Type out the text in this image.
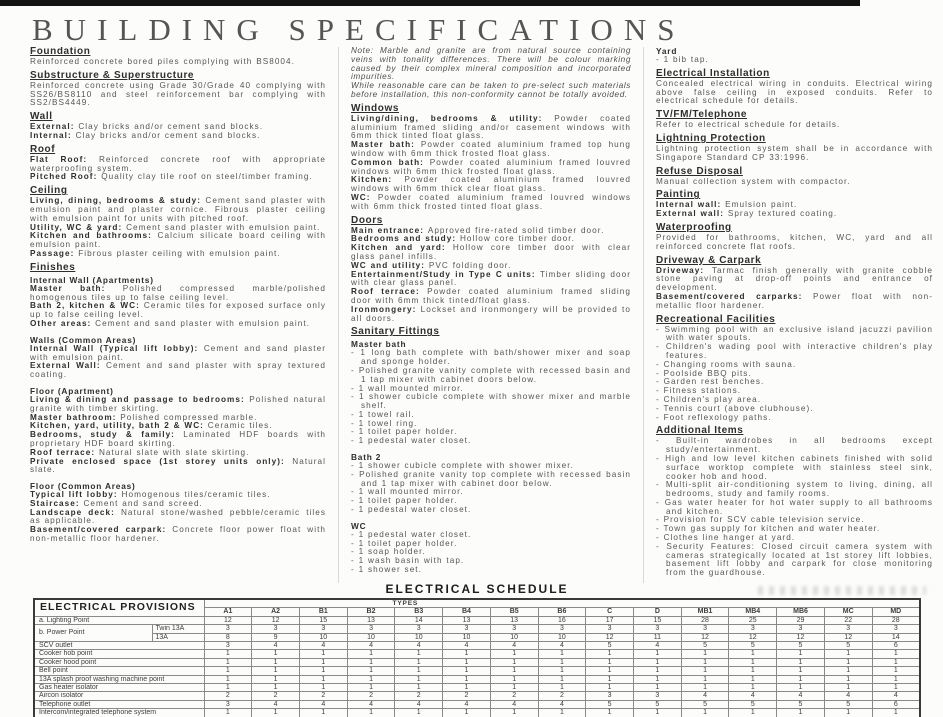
BUILDING SPECIFICATIONS
Foundation
Reinforced concrete bored piles complying with BS8004.
Substructure & Superstructure
Reinforced concrete using Grade 30/Grade 40 complying with SS26/BS8110 and steel reinforcement bar complying with SS2/BS4449.
Wall
External: Clay bricks and/or cement sand blocks.
Internal: Clay bricks and/or cement sand blocks.
Roof
Flat Roof: Reinforced concrete roof with appropriate waterproofing system.
Pitched Roof: Quality clay tile roof on steel/timber framing.
Ceiling
Living, dining, bedrooms & study: Cement sand plaster with emulsion paint and plaster cornice. Fibrous plaster ceiling with emulsion paint for units with pitched roof.
Utility, WC & yard: Cement sand plaster with emulsion paint.
Kitchen and bathrooms: Calcium silicate board ceiling with emulsion paint.
Passage: Fibrous plaster ceiling with emulsion paint.
Finishes
Internal Wall (Apartments)
Master bath: Polished compressed marble/polished homogenous tiles up to false ceiling level.
Bath 2, kitchen & WC: Ceramic tiles for exposed surface only up to false ceiling level.
Other areas: Cement and sand plaster with emulsion paint.
Walls (Common Areas)
Internal Wall (Typical lift lobby): Cement and sand plaster with emulsion paint.
External Wall: Cement and sand plaster with spray textured coating.
Floor (Apartment)
Living & dining and passage to bedrooms: Polished natural granite with timber skirting.
Master bathroom: Polished compressed marble.
Kitchen, yard, utility, bath 2 & WC: Ceramic tiles.
Bedrooms, study & family: Laminated HDF boards with proprietary HDF board skirting.
Roof terrace: Natural slate with slate skirting.
Private enclosed space (1st storey units only): Natural slate.
Floor (Common Areas)
Typical lift lobby: Homogenous tiles/ceramic tiles.
Staircase: Cement and sand screed.
Landscape deck: Natural stone/washed pebble/ceramic tiles as applicable.
Basement/covered carpark: Concrete floor power float with non-metallic floor hardener.
Note: Marble and granite are from natural source containing veins with tonality differences. There will be colour marking caused by their complex mineral composition and incorporated impurities.
While reasonable care can be taken to pre-select such materials before installation, this non-conformity cannot be totally avoided.
Windows
Living/dining, bedrooms & utility: Powder coated aluminium framed sliding and/or casement windows with 6mm thick tinted float glass.
Master bath: Powder coated aluminium framed top hung window with 6mm thick frosted float glass.
Common bath: Powder coated aluminium framed louvred windows with 6mm thick frosted float glass.
Kitchen: Powder coated aluminium framed louvred windows with 6mm thick clear float glass.
WC: Powder coated aluminium framed louvred windows with 6mm thick frosted tinted float glass.
Doors
Main entrance: Approved fire-rated solid timber door.
Bedrooms and study: Hollow core timber door.
Kitchen and yard: Hollow core timber door with clear glass panel infills.
WC and utility: PVC folding door.
Entertainment/Study in Type C units: Timber sliding door with clear glass panel.
Roof terrace: Powder coated aluminium framed sliding door with 6mm thick tinted/float glass.
Ironmongery: Lockset and ironmongery will be provided to all doors.
Sanitary Fittings
Master bath
- 1 long bath complete with bath/shower mixer and soap and sponge holder.
- Polished granite vanity complete with recessed basin and 1 tap mixer with cabinet doors below.
- 1 wall mounted mirror.
- 1 shower cubicle complete with shower mixer and marble shelf.
- 1 towel rail.
- 1 towel ring.
- 1 toilet paper holder.
- 1 pedestal water closet.
Bath 2
- 1 shower cubicle complete with shower mixer.
- Polished granite vanity top complete with recessed basin and 1 tap mixer with cabinet door below.
- 1 wall mounted mirror.
- 1 toilet paper holder.
- 1 pedestal water closet.
WC
- 1 pedestal water closet.
- 1 toilet paper holder.
- 1 soap holder.
- 1 wash basin with tap.
- 1 shower set.
Yard
- 1 bib tap.
Electrical Installation
Concealed electrical wiring in conduits. Electrical wiring above false ceiling in exposed conduits. Refer to electrical schedule for details.
TV/FM/Telephone
Refer to electrical schedule for details.
Lightning Protection
Lightning protection system shall be in accordance with Singapore Standard CP 33:1996.
Refuse Disposal
Manual collection system with compactor.
Painting
Internal wall: Emulsion paint.
External wall: Spray textured coating.
Waterproofing
Provided for bathrooms, kitchen, WC, yard and all reinforced concrete flat roofs.
Driveway & Carpark
Driveway: Tarmac finish generally with granite cobble stone paving at drop-off points and entrance of development.
Basement/covered carparks: Power float with non-metallic floor hardener.
Recreational Facilities
- Swimming pool with an exclusive island jacuzzi pavilion with water spouts.
- Children's wading pool with interactive children's play features.
- Changing rooms with sauna.
- Poolside BBQ pits.
- Garden rest benches.
- Fitness stations.
- Children's play area.
- Tennis court (above clubhouse).
- Foot reflexology paths.
Additional Items
- Built-in wardrobes in all bedrooms except study/entertainment.
- High and low level kitchen cabinets finished with solid surface worktop complete with stainless steel sink, cooker hob and hood.
- Multi-split air-conditioning system to living, dining, all bedrooms, study and family rooms.
- Gas water heater for hot water supply to all bathrooms and kitchen.
- Provision for SCV cable television service.
- Town gas supply for kitchen and water heater.
- Clothes line hanger at yard.
- Security Features: Closed circuit camera system with cameras strategically located at 1st storey lift lobbies, basement lift lobby and carpark for close monitoring from the guardhouse.
ELECTRICAL SCHEDULE
ELECTRICAL PROVISIONS		TYPES														
		A1	A2	B1	B2	B3	B4	B5	B6	C	D	MB1	MB4	MB6	MC	MD
a. Lighting Point		12	12	15	13	14	13	13	16	17	15	28	25	29	22	28
b. Power Point	Twin 13A	3	3	3	3	3	3	3	3	3	3	3	3	3	3	3
	13A	8	9	10	10	10	10	10	10	12	11	12	12	12	12	14
SCV outlet		3	4	4	4	4	4	4	4	5	4	5	5	5	5	6
Cooker hob point		1	1	1	1	1	1	1	1	1	1	1	1	1	1	1
Cooker hood point		1	1	1	1	1	1	1	1	1	1	1	1	1	1	1
Bell point		1	1	1	1	1	1	1	1	1	1	1	1	1	1	1
13A splash proof washing machine point		1	1	1	1	1	1	1	1	1	1	1	1	1	1	1
Gas heater isolator		1	1	1	1	1	1	1	1	1	1	1	1	1	1	1
Aircon isolator		2	2	2	2	2	2	2	2	3	3	4	4	4	4	4
Telephone outlet		3	4	4	4	4	4	4	4	5	5	5	5	5	5	6
Intercom/integrated telephone system		1	1	1	1	1	1	1	1	1	1	1	1	1	1	1
